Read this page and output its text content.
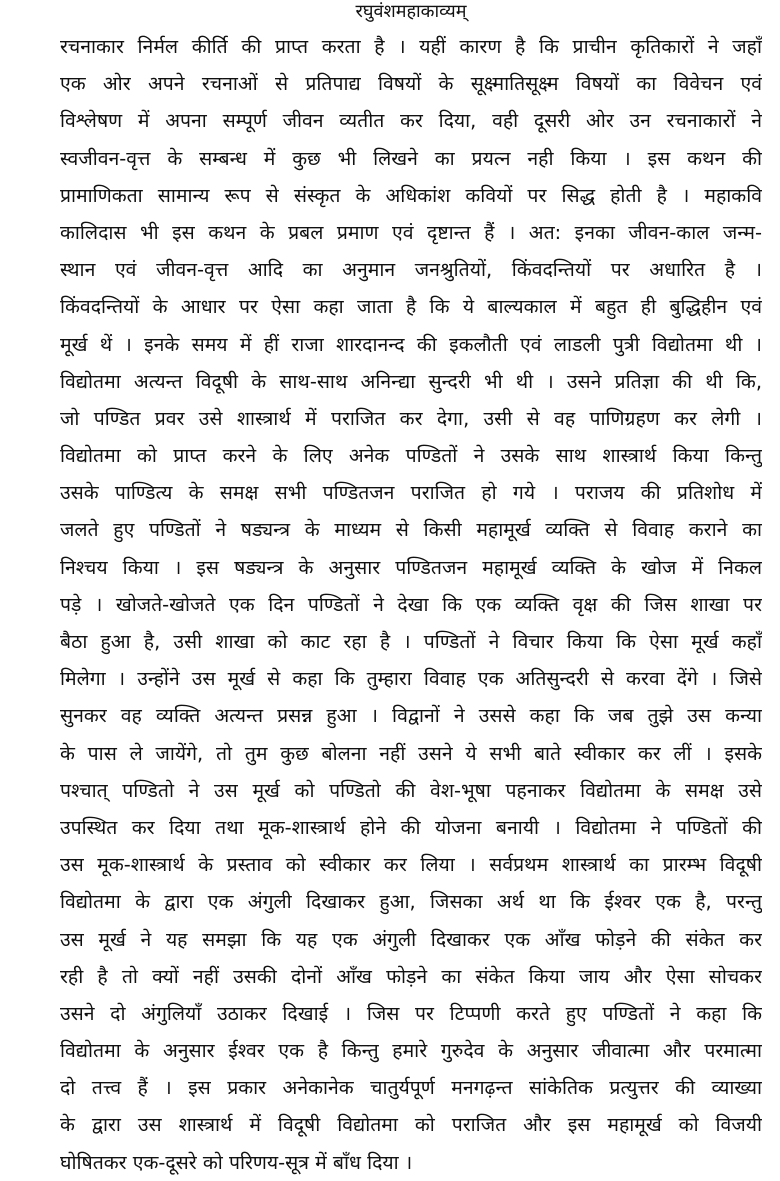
रघुवंशमहाकाव्यम्
रचनाकार निर्मल कीर्ति की प्राप्त करता है । यहीं कारण है कि प्राचीन कृतिकारों ने जहाँ
एक ओर अपने रचनाओं से प्रतिपाद्य विषयों के सूक्ष्मातिसूक्ष्म विषयों का विवेचन एवं
विश्लेषण में अपना सम्पूर्ण जीवन व्यतीत कर दिया, वही दूसरी ओर उन रचनाकारों ने
स्वजीवन-वृत्त के सम्बन्ध में कुछ भी लिखने का प्रयत्न नही किया । इस कथन की
प्रामाणिकता सामान्य रूप से संस्कृत के अधिकांश कवियों पर सिद्ध होती है । महाकवि
कालिदास भी इस कथन के प्रबल प्रमाण एवं दृष्टान्त हैं । अत: इनका जीवन-काल जन्म-
स्थान एवं जीवन-वृत्त आदि का अनुमान जनश्रुतियों, किंवदन्तियों पर अधारित है ।
किंवदन्तियों के आधार पर ऐसा कहा जाता है कि ये बाल्यकाल में बहुत ही बुद्धिहीन एवं
मूर्ख थें । इनके समय में हीं राजा शारदानन्द की इकलौती एवं लाडली पुत्री विद्योतमा थी ।
विद्योतमा अत्यन्त विदूषी के साथ-साथ अनिन्द्या सुन्दरी भी थी । उसने प्रतिज्ञा की थी कि,
जो पण्डित प्रवर उसे शास्त्रार्थ में पराजित कर देगा, उसी से वह पाणिग्रहण कर लेगी ।
विद्योतमा को प्राप्त करने के लिए अनेक पण्डितों ने उसके साथ शास्त्रार्थ किया किन्तु
उसके पाण्डित्य के समक्ष सभी पण्डितजन पराजित हो गये । पराजय की प्रतिशोध में
जलते हुए पण्डितों ने षड्यन्त्र के माध्यम से किसी महामूर्ख व्यक्ति से विवाह कराने का
निश्चय किया । इस षड्यन्त्र के अनुसार पण्डितजन महामूर्ख व्यक्ति के खोज में निकल
पड़े । खोजते-खोजते एक दिन पण्डितों ने देखा कि एक व्यक्ति वृक्ष की जिस शाखा पर
बैठा हुआ है, उसी शाखा को काट रहा है । पण्डितों ने विचार किया कि ऐसा मूर्ख कहाँ
मिलेगा । उन्होंने उस मूर्ख से कहा कि तुम्हारा विवाह एक अतिसुन्दरी से करवा देंगे । जिसे
सुनकर वह व्यक्ति अत्यन्त प्रसन्न हुआ । विद्वानों ने उससे कहा कि जब तुझे उस कन्या
के पास ले जायेंगे, तो तुम कुछ बोलना नहीं उसने ये सभी बाते स्वीकार कर लीं । इसके
पश्चात् पण्डितो ने उस मूर्ख को पण्डितो की वेश-भूषा पहनाकर विद्योतमा के समक्ष उसे
उपस्थित कर दिया तथा मूक-शास्त्रार्थ होने की योजना बनायी । विद्योतमा ने पण्डितों की
उस मूक-शास्त्रार्थ के प्रस्ताव को स्वीकार कर लिया । सर्वप्रथम शास्त्रार्थ का प्रारम्भ विदूषी
विद्योतमा के द्वारा एक अंगुली दिखाकर हुआ, जिसका अर्थ था कि ईश्वर एक है, परन्तु
उस मूर्ख ने यह समझा कि यह एक अंगुली दिखाकर एक आँख फोड़ने की संकेत कर
रही है तो क्यों नहीं उसकी दोनों आँख फोड़ने का संकेत किया जाय और ऐसा सोचकर
उसने दो अंगुलियाँ उठाकर दिखाई । जिस पर टिप्पणी करते हुए पण्डितों ने कहा कि
विद्योतमा के अनुसार ईश्वर एक है किन्तु हमारे गुरुदेव के अनुसार जीवात्मा और परमात्मा
दो तत्त्व हैं । इस प्रकार अनेकानेक चातुर्यपूर्ण मनगढ़न्त सांकेतिक प्रत्युत्तर की व्याख्या
के द्वारा उस शास्त्रार्थ में विदूषी विद्योतमा को पराजित और इस महामूर्ख को विजयी
घोषितकर एक-दूसरे को परिणय-सूत्र में बाँध दिया ।
